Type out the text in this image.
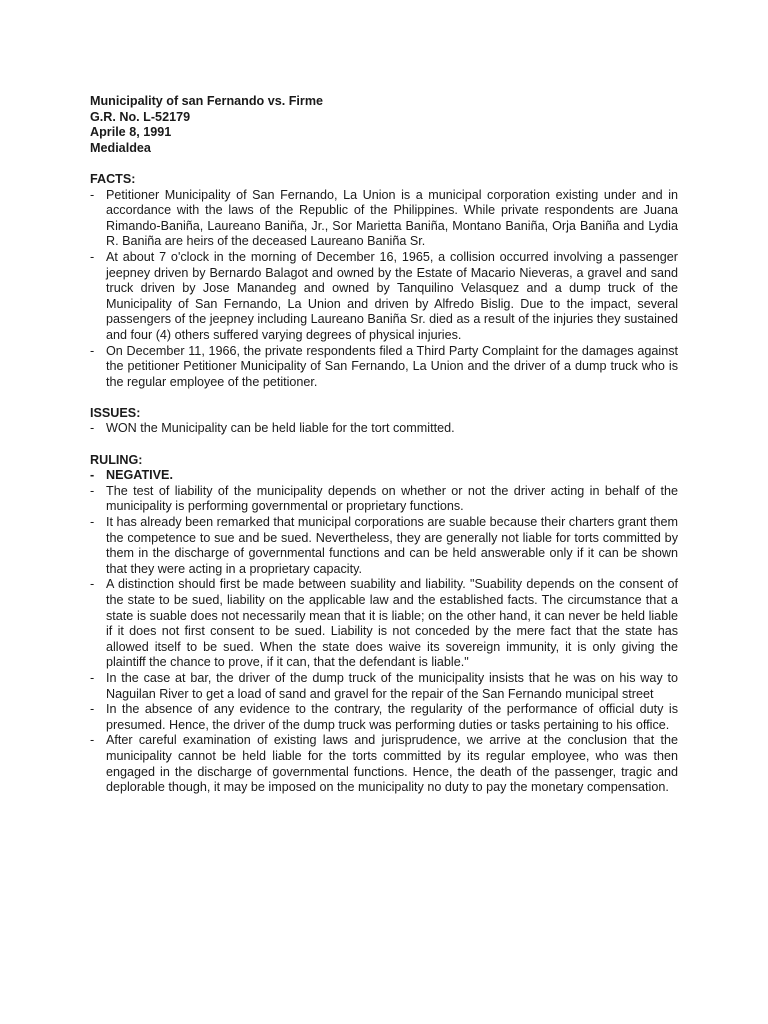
Municipality of san Fernando vs. Firme
G.R. No. L-52179
Aprile 8, 1991
Medialdea
FACTS:
- Petitioner Municipality of San Fernando, La Union is a municipal corporation existing under and in accordance with the laws of the Republic of the Philippines. While private respondents are Juana Rimando-Baniña, Laureano Baniña, Jr., Sor Marietta Baniña, Montano Baniña, Orja Baniña and Lydia R. Baniña are heirs of the deceased Laureano Baniña Sr.
- At about 7 o'clock in the morning of December 16, 1965, a collision occurred involving a passenger jeepney driven by Bernardo Balagot and owned by the Estate of Macario Nieveras, a gravel and sand truck driven by Jose Manandeg and owned by Tanquilino Velasquez and a dump truck of the Municipality of San Fernando, La Union and driven by Alfredo Bislig. Due to the impact, several passengers of the jeepney including Laureano Baniña Sr. died as a result of the injuries they sustained and four (4) others suffered varying degrees of physical injuries.
- On December 11, 1966, the private respondents filed a Third Party Complaint for the damages against the petitioner Petitioner Municipality of San Fernando, La Union and the driver of a dump truck who is the regular employee of the petitioner.
ISSUES:
- WON the Municipality can be held liable for the tort committed.
RULING:
- NEGATIVE.
- The test of liability of the municipality depends on whether or not the driver acting in behalf of the municipality is performing governmental or proprietary functions.
- It has already been remarked that municipal corporations are suable because their charters grant them the competence to sue and be sued. Nevertheless, they are generally not liable for torts committed by them in the discharge of governmental functions and can be held answerable only if it can be shown that they were acting in a proprietary capacity.
- A distinction should first be made between suability and liability. "Suability depends on the consent of the state to be sued, liability on the applicable law and the established facts. The circumstance that a state is suable does not necessarily mean that it is liable; on the other hand, it can never be held liable if it does not first consent to be sued. Liability is not conceded by the mere fact that the state has allowed itself to be sued. When the state does waive its sovereign immunity, it is only giving the plaintiff the chance to prove, if it can, that the defendant is liable."
- In the case at bar, the driver of the dump truck of the municipality insists that he was on his way to Naguilan River to get a load of sand and gravel for the repair of the San Fernando municipal street
- In the absence of any evidence to the contrary, the regularity of the performance of official duty is presumed. Hence, the driver of the dump truck was performing duties or tasks pertaining to his office.
- After careful examination of existing laws and jurisprudence, we arrive at the conclusion that the municipality cannot be held liable for the torts committed by its regular employee, who was then engaged in the discharge of governmental functions. Hence, the death of the passenger, tragic and deplorable though, it may be imposed on the municipality no duty to pay the monetary compensation.
